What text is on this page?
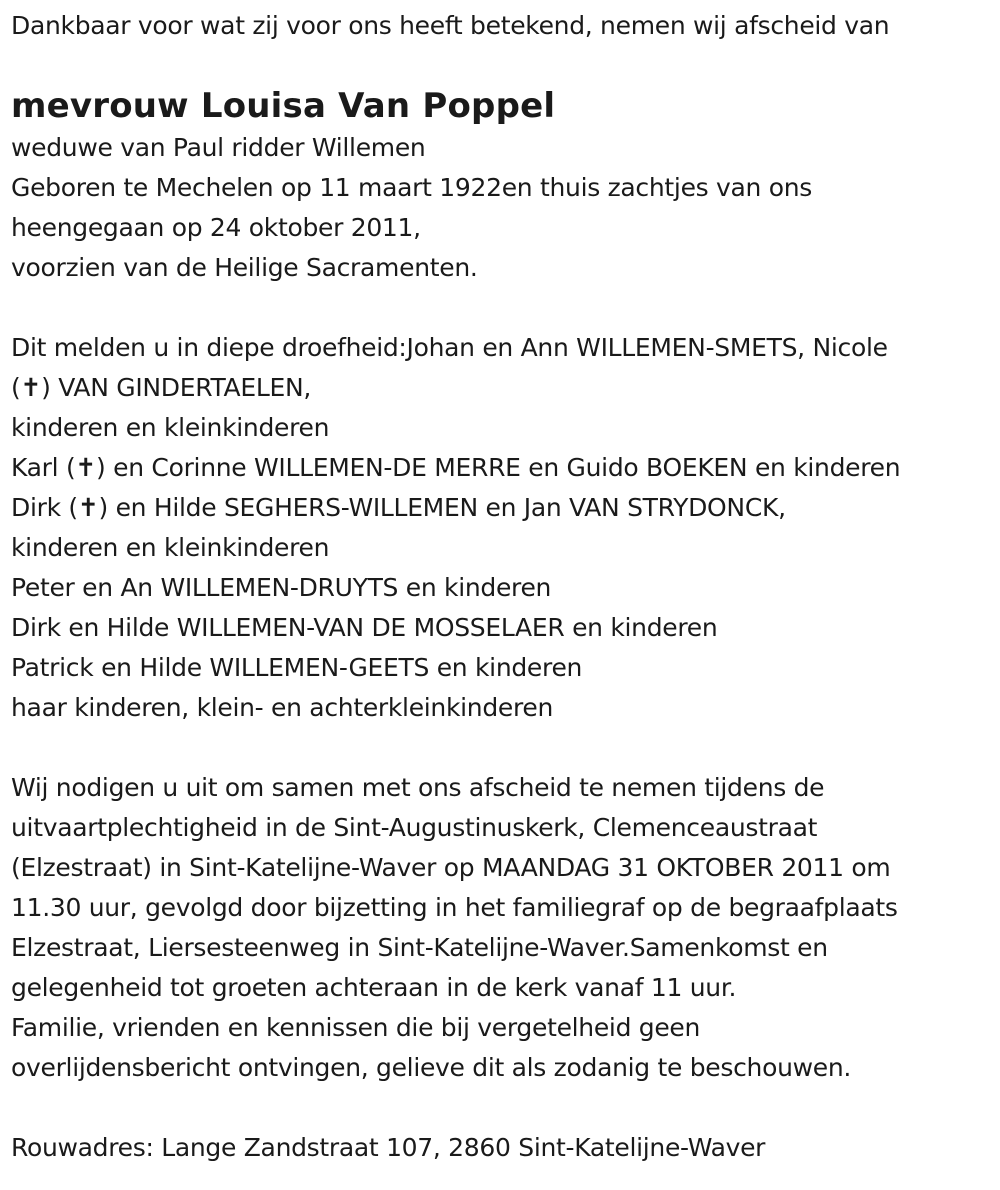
Dankbaar voor wat zij voor ons heeft betekend, nemen wij afscheid van
mevrouw Louisa Van Poppel
weduwe van Paul ridder Willemen
Geboren te Mechelen op 11 maart 1922en thuis zachtjes van ons
heengegaan op 24 oktober 2011,
voorzien van de Heilige Sacramenten.
Dit melden u in diepe droefheid:Johan en Ann WILLEMEN-SMETS, Nicole
(✝) VAN GINDERTAELEN,
kinderen en kleinkinderen
Karl (✝) en Corinne WILLEMEN-DE MERRE en Guido BOEKEN en kinderen
Dirk (✝) en Hilde SEGHERS-WILLEMEN en Jan VAN STRYDONCK,
kinderen en kleinkinderen
Peter en An WILLEMEN-DRUYTS en kinderen
Dirk en Hilde WILLEMEN-VAN DE MOSSELAER en kinderen
Patrick en Hilde WILLEMEN-GEETS en kinderen
haar kinderen, klein- en achterkleinkinderen
Wij nodigen u uit om samen met ons afscheid te nemen tijdens de
uitvaartplechtigheid in de Sint-Augustinuskerk, Clemenceaustraat
(Elzestraat) in Sint-Katelijne-Waver op MAANDAG 31 OKTOBER 2011 om
11.30 uur, gevolgd door bijzetting in het familiegraf op de begraafplaats
Elzestraat, Liersesteenweg in Sint-Katelijne-Waver.Samenkomst en
gelegenheid tot groeten achteraan in de kerk vanaf 11 uur.
Familie, vrienden en kennissen die bij vergetelheid geen
overlijdensbericht ontvingen, gelieve dit als zodanig te beschouwen.
Rouwadres: Lange Zandstraat 107, 2860 Sint-Katelijne-Waver
